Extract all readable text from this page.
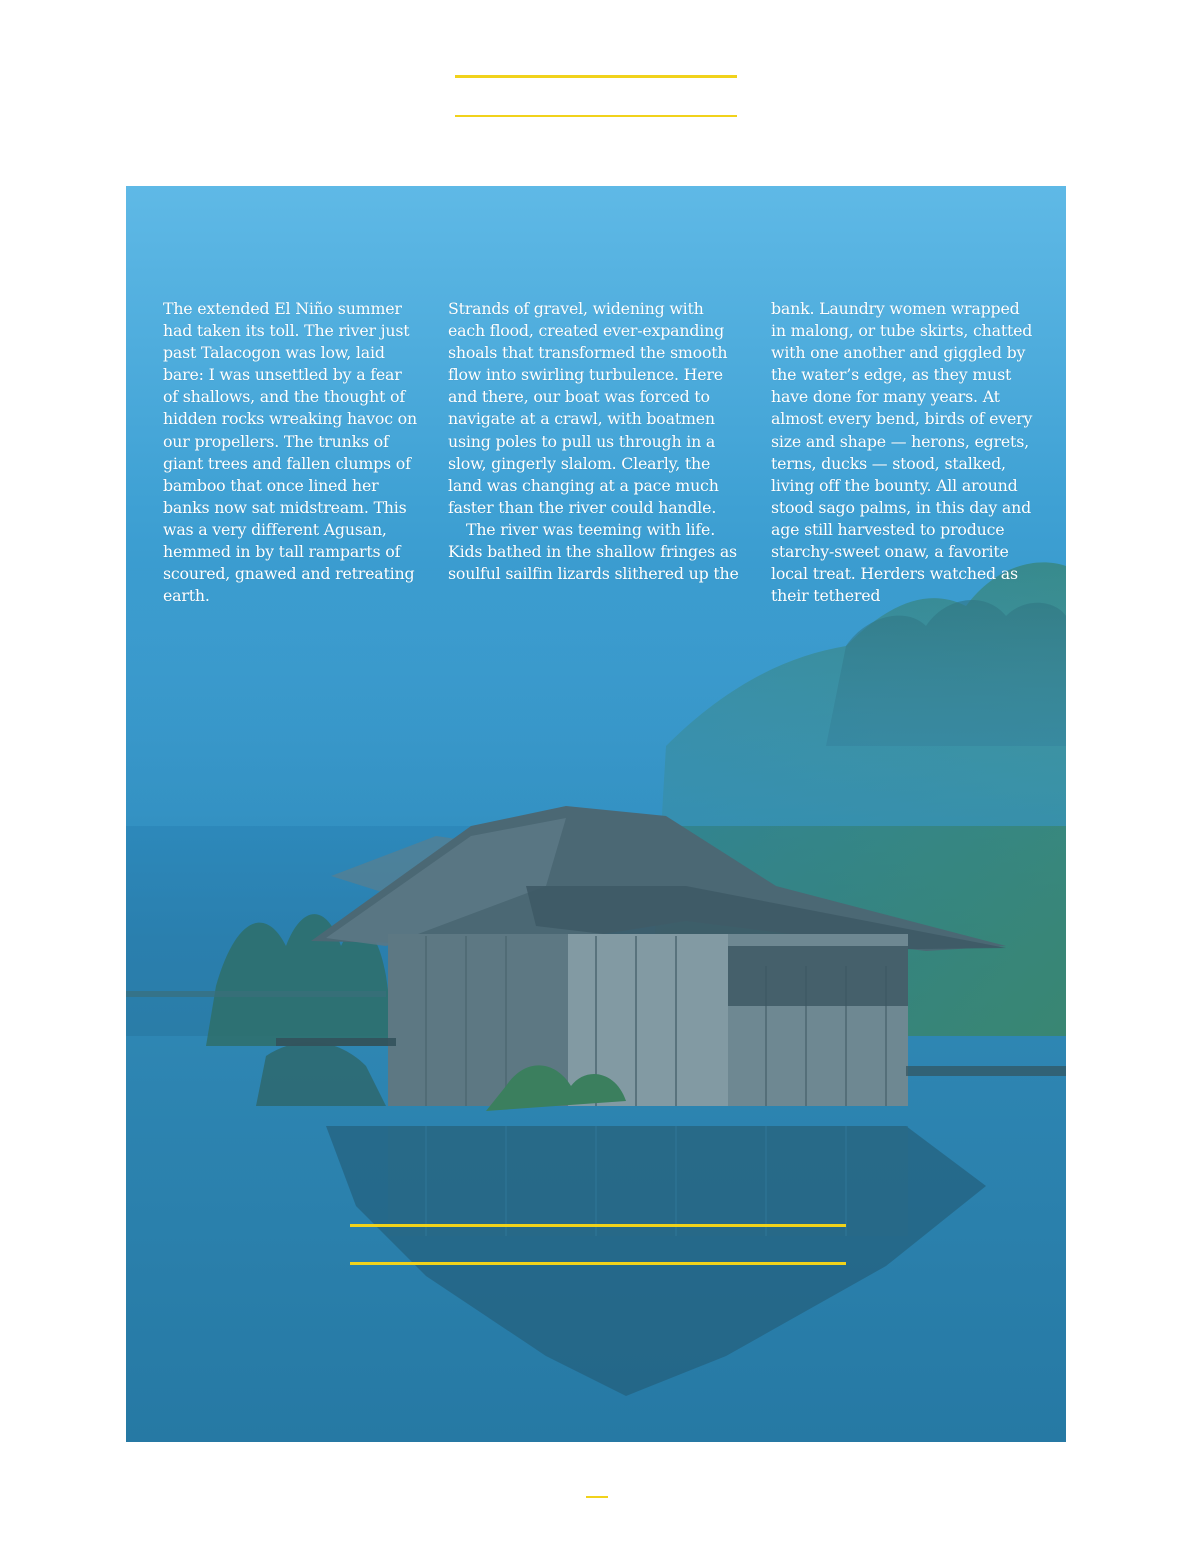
The extended El Niño summer had taken its toll. The river just past Talacogon was low, laid bare: I was unsettled by a fear of shallows, and the thought of hidden rocks wreaking havoc on our propellers. The trunks of giant trees and fallen clumps of bamboo that once lined her banks now sat midstream. This was a very different Agusan, hemmed in by tall ramparts of scoured, gnawed and retreating earth.

Strands of gravel, widening with each flood, created ever-expanding shoals that transformed the smooth flow into swirling turbulence. Here and there, our boat was forced to navigate at a crawl, with boatmen using poles to pull us through in a slow, gingerly slalom. Clearly, the land was changing at a pace much faster than the river could handle.

The river was teeming with life. Kids bathed in the shallow fringes as soulful sailfin lizards slithered up the

bank. Laundry women wrapped in malong, or tube skirts, chatted with one another and giggled by the water’s edge, as they must have done for many years. At almost every bend, birds of every size and shape — herons, egrets, terns, ducks — stood, stalked, living off the bounty. All around stood sago palms, in this day and age still harvested to produce starchy-sweet onaw, a favorite local treat. Herders watched as their tethered
